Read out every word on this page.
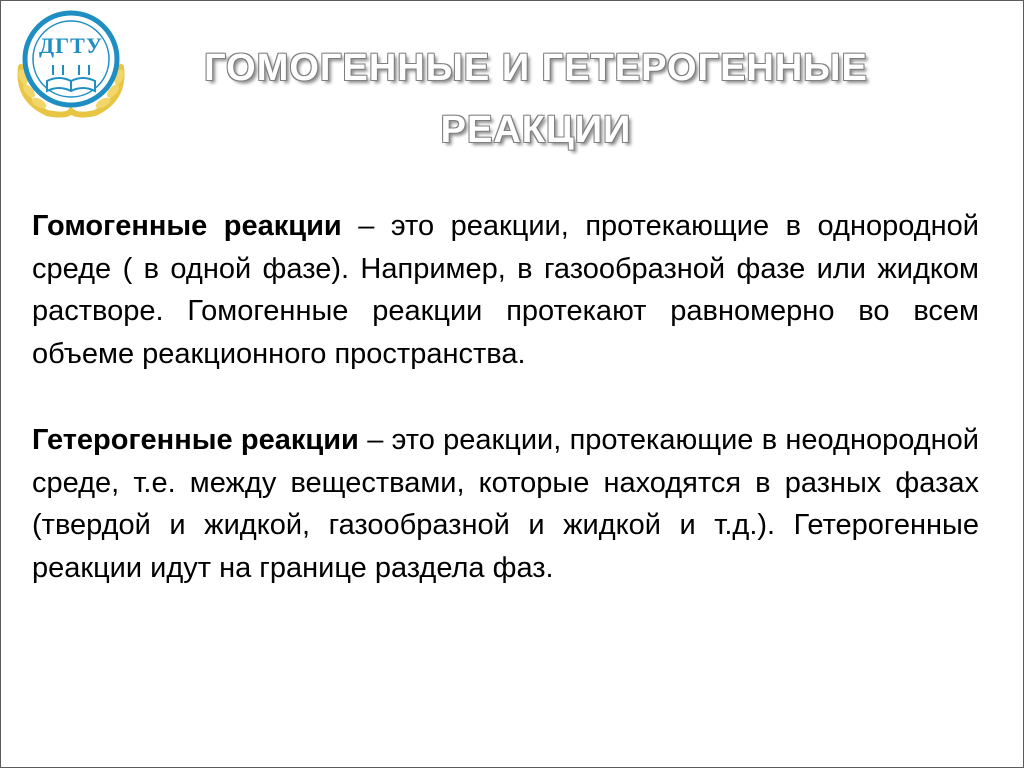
ДГТУ
ГОМОГЕННЫЕ И ГЕТЕРОГЕННЫЕ
РЕАКЦИИ

Гомогенные реакции – это реакции, протекающие в однородной среде ( в одной фазе). Например, в газообразной фазе или жидком растворе. Гомогенные реакции протекают равномерно во всем объеме реакционного пространства.

Гетерогенные реакции – это реакции, протекающие в неоднородной среде, т.е. между веществами, которые находятся в разных фазах (твердой и жидкой, газообразной и жидкой и т.д.). Гетерогенные реакции идут на границе раздела фаз.
